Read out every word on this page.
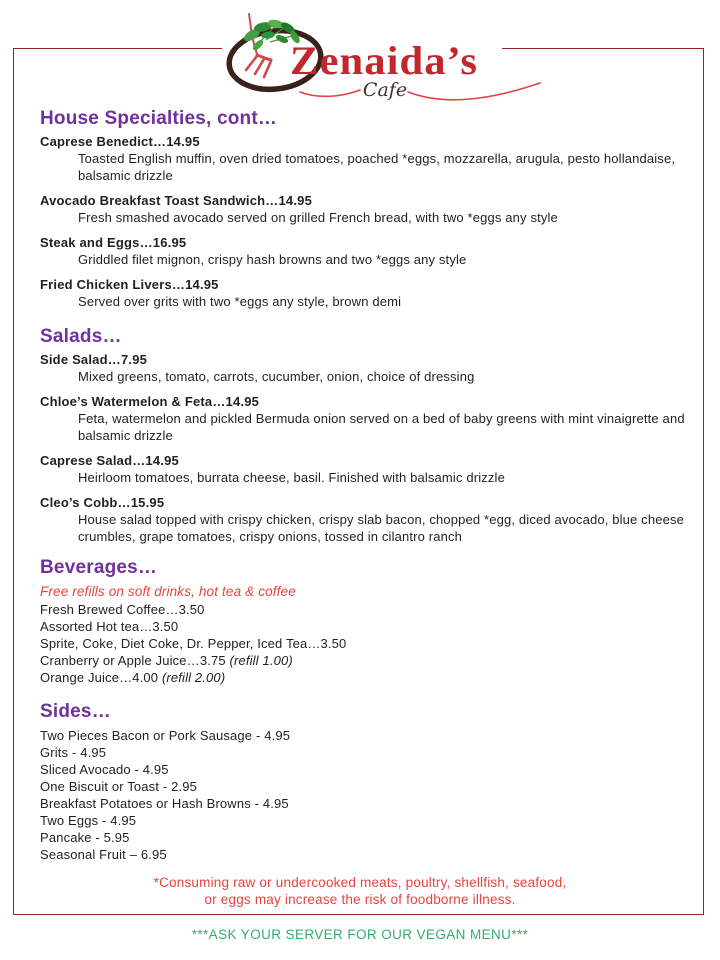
Zenaida’s
Cafe
House Specialties, cont…
Caprese Benedict…14.95
Toasted English muffin, oven dried tomatoes, poached *eggs, mozzarella, arugula, pesto hollandaise, balsamic drizzle
Avocado Breakfast Toast Sandwich…14.95
Fresh smashed avocado served on grilled French bread, with two *eggs any style
Steak and Eggs…16.95
Griddled filet mignon, crispy hash browns and two *eggs any style
Fried Chicken Livers…14.95
Served over grits with two *eggs any style, brown demi
Salads…
Side Salad…7.95
Mixed greens, tomato, carrots, cucumber, onion, choice of dressing
Chloe’s Watermelon & Feta…14.95
Feta, watermelon and pickled Bermuda onion served on a bed of baby greens with mint vinaigrette and balsamic drizzle
Caprese Salad…14.95
Heirloom tomatoes, burrata cheese, basil. Finished with balsamic drizzle
Cleo’s Cobb…15.95
House salad topped with crispy chicken, crispy slab bacon, chopped *egg, diced avocado, blue cheese crumbles, grape tomatoes, crispy onions, tossed in cilantro ranch
Beverages…
Free refills on soft drinks, hot tea & coffee
Fresh Brewed Coffee…3.50
Assorted Hot tea…3.50
Sprite, Coke, Diet Coke, Dr. Pepper, Iced Tea…3.50
Cranberry or Apple Juice…3.75 (refill 1.00)
Orange Juice…4.00 (refill 2.00)
Sides…
Two Pieces Bacon or Pork Sausage - 4.95
Grits - 4.95
Sliced Avocado - 4.95
One Biscuit or Toast - 2.95
Breakfast Potatoes or Hash Browns - 4.95
Two Eggs - 4.95
Pancake - 5.95
Seasonal Fruit – 6.95
*Consuming raw or undercooked meats, poultry, shellfish, seafood,
or eggs may increase the risk of foodborne illness.
***ASK YOUR SERVER FOR OUR VEGAN MENU***
